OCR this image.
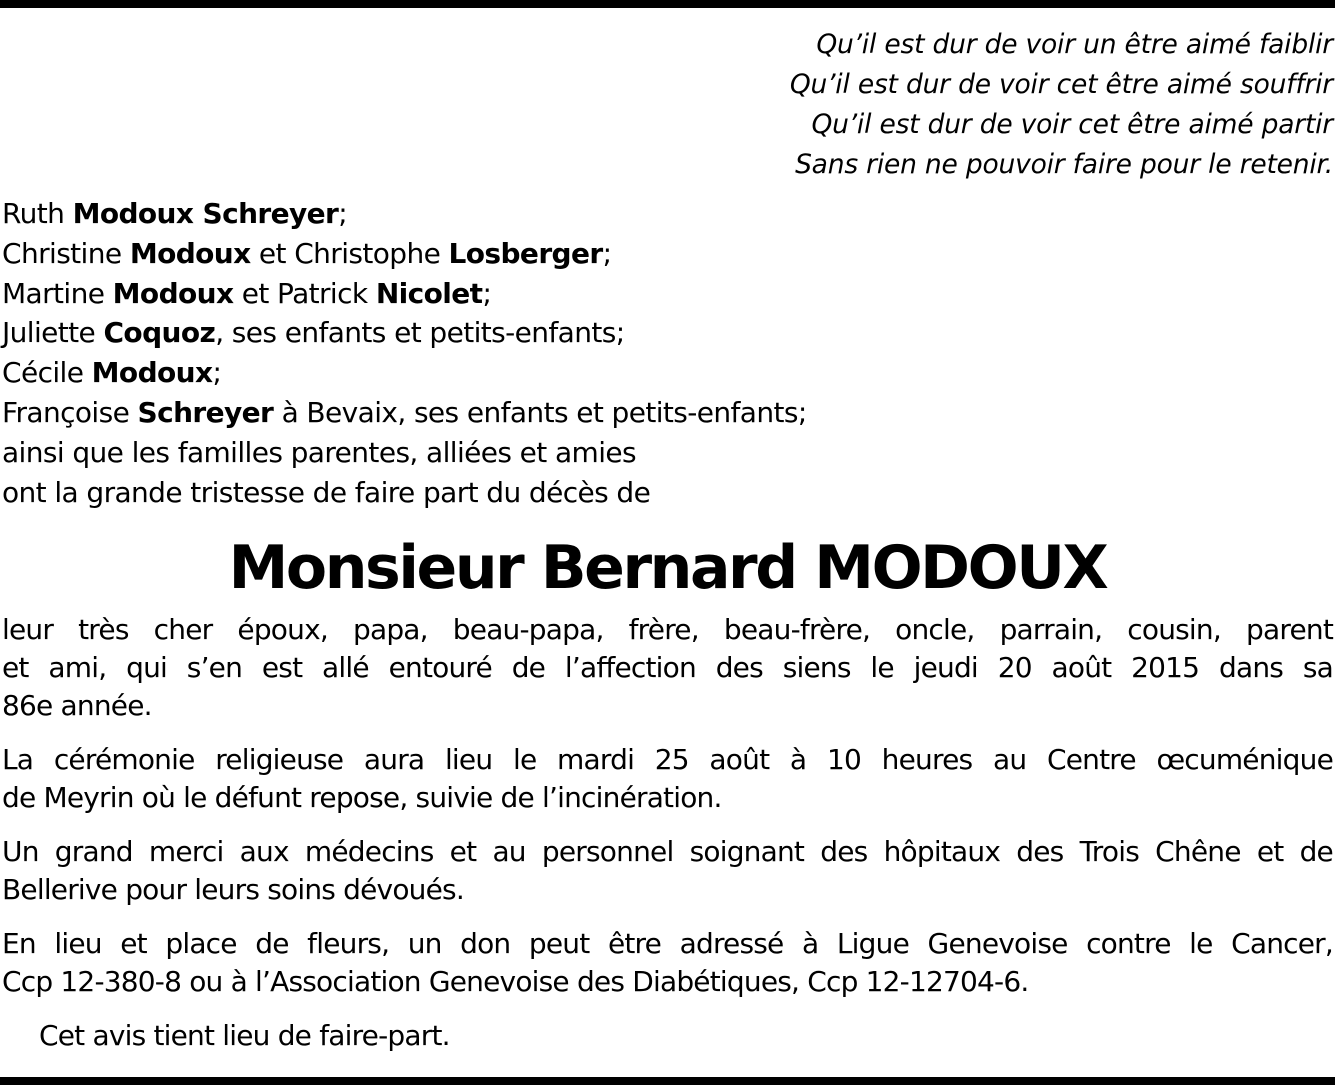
Qu’il est dur de voir un être aimé faiblir
Qu’il est dur de voir cet être aimé souffrir
Qu’il est dur de voir cet être aimé partir
Sans rien ne pouvoir faire pour le retenir.
Ruth Modoux Schreyer;
Christine Modoux et Christophe Losberger;
Martine Modoux et Patrick Nicolet;
Juliette Coquoz, ses enfants et petits-enfants;
Cécile Modoux;
Françoise Schreyer à Bevaix, ses enfants et petits-enfants;
ainsi que les familles parentes, alliées et amies
ont la grande tristesse de faire part du décès de
Monsieur Bernard MODOUX
leur très cher époux, papa, beau-papa, frère, beau-frère, oncle, parrain, cousin, parent
et ami, qui s’en est allé entouré de l’affection des siens le jeudi 20 août 2015 dans sa
86e année.
La cérémonie religieuse aura lieu le mardi 25 août à 10 heures au Centre œcuménique
de Meyrin où le défunt repose, suivie de l’incinération.
Un grand merci aux médecins et au personnel soignant des hôpitaux des Trois Chêne et de
Bellerive pour leurs soins dévoués.
En lieu et place de fleurs, un don peut être adressé à Ligue Genevoise contre le Cancer,
Ccp 12-380-8 ou à l’Association Genevoise des Diabétiques, Ccp 12-12704-6.
Cet avis tient lieu de faire-part.
